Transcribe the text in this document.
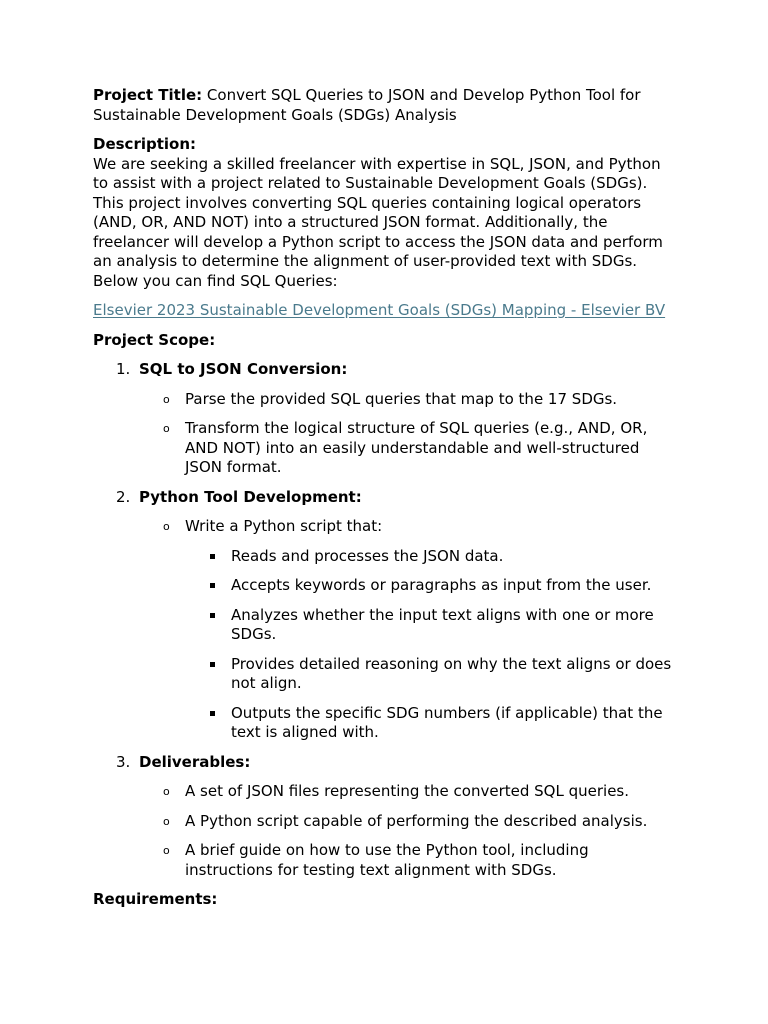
Project Title: Convert SQL Queries to JSON and Develop Python Tool for Sustainable Development Goals (SDGs) Analysis

Description:

We are seeking a skilled freelancer with expertise in SQL, JSON, and Python to assist with a project related to Sustainable Development Goals (SDGs). This project involves converting SQL queries containing logical operators (AND, OR, AND NOT) into a structured JSON format. Additionally, the freelancer will develop a Python script to access the JSON data and perform an analysis to determine the alignment of user-provided text with SDGs. Below you can find SQL Queries:

Elsevier 2023 Sustainable Development Goals (SDGs) Mapping - Elsevier BV

Project Scope:

1. SQL to JSON Conversion:
o Parse the provided SQL queries that map to the 17 SDGs.
o Transform the logical structure of SQL queries (e.g., AND, OR, AND NOT) into an easily understandable and well-structured JSON format.
2. Python Tool Development:
o Write a Python script that:
Reads and processes the JSON data.
Accepts keywords or paragraphs as input from the user.
Analyzes whether the input text aligns with one or more SDGs.
Provides detailed reasoning on why the text aligns or does not align.
Outputs the specific SDG numbers (if applicable) that the text is aligned with.
3. Deliverables:
o A set of JSON files representing the converted SQL queries.
o A Python script capable of performing the described analysis.
o A brief guide on how to use the Python tool, including instructions for testing text alignment with SDGs.

Requirements:
